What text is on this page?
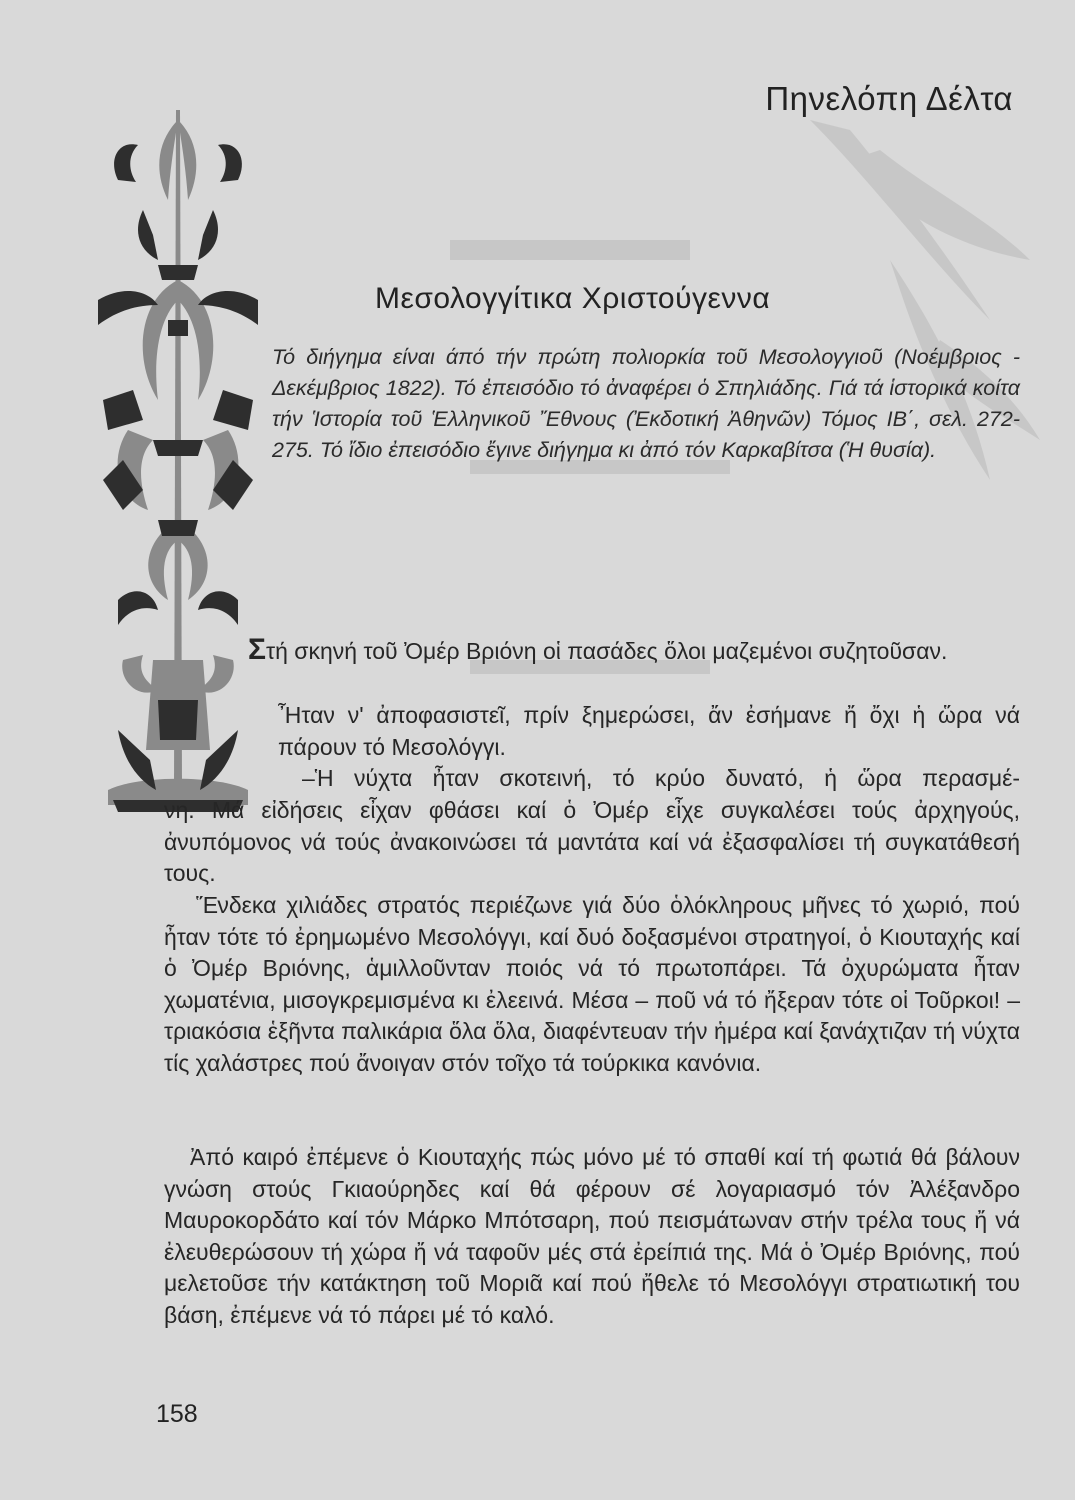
Πηνελόπη Δέλτα
Μεσολογγίτικα Χριστούγεννα
Τό διήγημα είναι άπό τήν πρώτη πολιορκία τοῦ Μεσολογγιοῦ (Νοέμβριος - Δεκέμβριος 1822). Τό ἐπεισόδιο τό ἀναφέρει ὁ Σπηλιάδης. Γιά τά ἱστορικά κοίτα τήν Ἱστορία τοῦ Ἑλληνικοῦ Ἔθνους (Ἐκδοτική Ἀθηνῶν) Τόμος ΙΒ΄, σελ. 272-275. Τό ἴδιο ἐπεισόδιο ἔγινε διήγημα κι ἀπό τόν Καρκαβίτσα (Ἡ θυσία).
Στή σκηνή τοῦ Ὀμέρ Βριόνη οἱ πασάδες ὅλοι μαζεμένοι συζητοῦσαν.
Ἦταν ν' ἀποφασιστεῖ, πρίν ξημερώσει, ἄν ἐσήμανε ἤ ὄχι ἡ ὥρα νά πάρουν τό Μεσολόγγι.
–Ἡ νύχτα ἦταν σκοτεινή, τό κρύο δυνατό, ἡ ὥρα περασμέ-
νη. Μά εἰδήσεις εἶχαν φθάσει καί ὁ Ὀμέρ εἶχε συγκαλέσει τούς ἀρχηγούς, ἀνυπόμονος νά τούς ἀνακοινώσει τά μαντάτα καί νά ἐξασφαλίσει τή συγκατάθεσή τους.
Ἕνδεκα χιλιάδες στρατός περιέζωνε γιά δύο ὁλόκληρους μῆνες τό χωριό, πού ἦταν τότε τό ἐρημωμένο Μεσολόγγι, καί δυό δοξασμένοι στρατηγοί, ὁ Κιουταχής καί ὁ Ὀμέρ Βριόνης, ἁμιλλοῦνταν ποιός νά τό πρωτοπάρει. Τά ὀχυρώματα ἦταν χωματένια, μισογκρεμισμένα κι ἐλεεινά. Μέσα – ποῦ νά τό ἤξεραν τότε οἱ Τοῦρκοι! – τριακόσια ἑξῆντα παλικάρια ὅλα ὅλα, διαφέντευαν τήν ἡμέρα καί ξανάχτιζαν τή νύχτα τίς χαλάστρες πού ἄνοιγαν στόν τοῖχο τά τούρκικα κανόνια.
Ἀπό καιρό ἐπέμενε ὁ Κιουταχής πώς μόνο μέ τό σπαθί καί τή φωτιά θά βάλουν γνώση στούς Γκιαούρηδες καί θά φέρουν σέ λογαριασμό τόν Ἀλέξανδρο Μαυροκορδάτο καί τόν Μάρκο Μπότσαρη, πού πεισμάτωναν στήν τρέλα τους ἤ νά ἐλευθερώσουν τή χώρα ἤ νά ταφοῦν μές στά ἐρείπιά της. Μά ὁ Ὀμέρ Βριόνης, πού μελετοῦσε τήν κατάκτηση τοῦ Μοριᾶ καί πού ἤθελε τό Μεσολόγγι στρατιωτική του βάση, ἐπέμενε νά τό πάρει μέ τό καλό.
158
